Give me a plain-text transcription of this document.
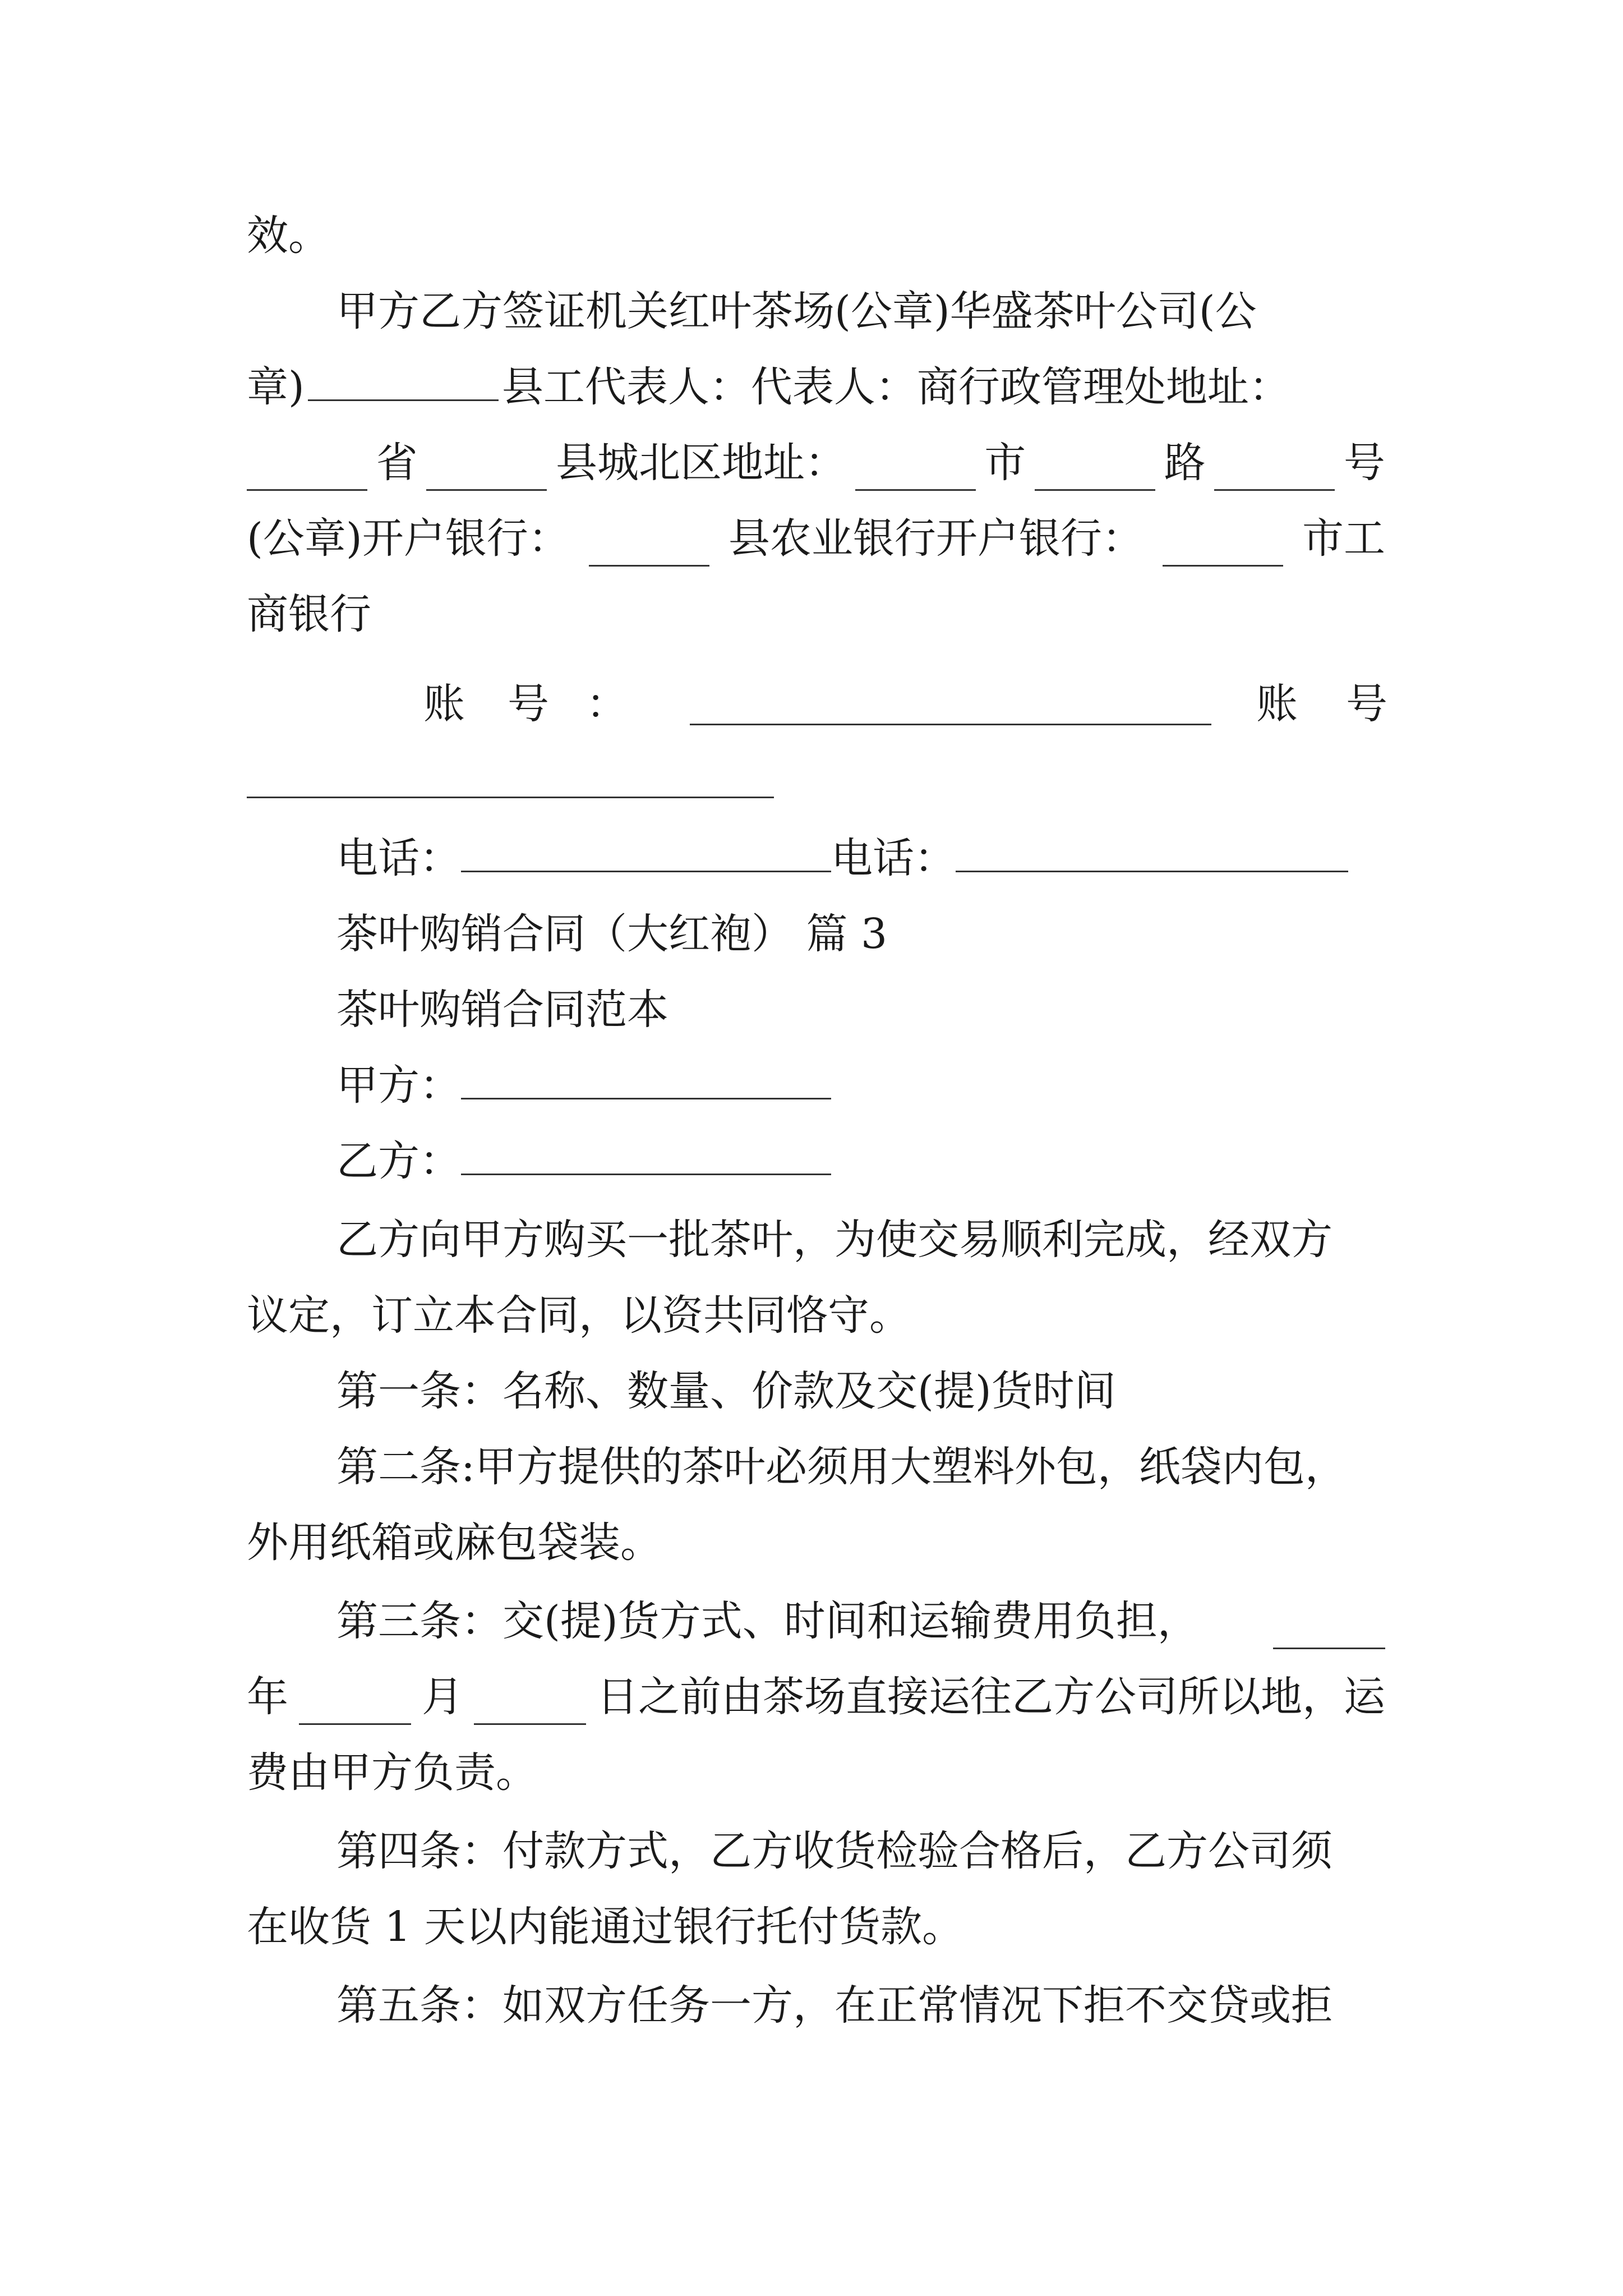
效。
甲方乙方签证机关红叶茶场(公章)华盛茶叶公司(公
章)	县工代表人：代表人：商行政管理处地址：
省	县城北区地址：	市	路	号
(公章)开户银行：	县农业银行开户银行：	市工
商银行
账 号 ：	账 号
电话：	电话：
茶叶购销合同（大红袍） 篇 3
茶叶购销合同范本
甲方：
乙方：
乙方向甲方购买一批茶叶，为使交易顺利完成，经双方
议定，订立本合同，以资共同恪守。
第一条：名称、数量、价款及交(提)货时间
第二条:甲方提供的茶叶必须用大塑料外包，纸袋内包，
外用纸箱或麻包袋装。
第三条：交(提)货方式、时间和运输费用负担，
年	月	日之前由茶场直接运往乙方公司所以地，运
费由甲方负责。
第四条：付款方式，乙方收货检验合格后，乙方公司须
在收货 1 天以内能通过银行托付货款。
第五条：如双方任务一方，在正常情况下拒不交贷或拒
